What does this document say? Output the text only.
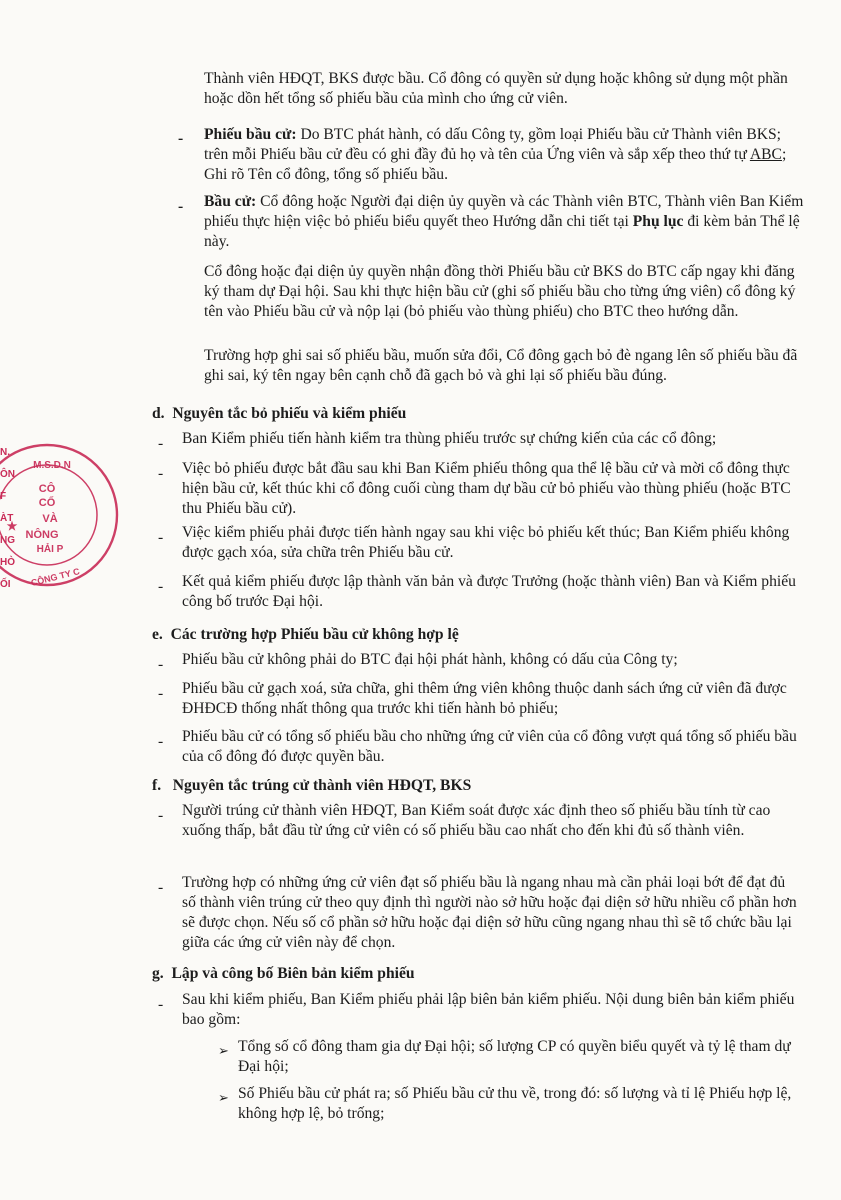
N.
ÔN
F
ÀT
NG
HÒ
ỐI
M.S.D.N
CÔ
CỔ
VÀ
NÔNG
HẢI P
CÔNG TY C
★

Thành viên HĐQT, BKS được bầu. Cổ đông có quyền sử dụng hoặc không sử dụng một phần hoặc dồn hết tổng số phiếu bầu của mình cho ứng cử viên.

- Phiếu bầu cử: Do BTC phát hành, có dấu Công ty, gồm loại Phiếu bầu cử Thành viên BKS; trên mỗi Phiếu bầu cử đều có ghi đầy đủ họ và tên của Ứng viên và sắp xếp theo thứ tự ABC; Ghi rõ Tên cổ đông, tổng số phiếu bầu.

- Bầu cử: Cổ đông hoặc Người đại diện ủy quyền và các Thành viên BTC, Thành viên Ban Kiểm phiếu thực hiện việc bỏ phiếu biểu quyết theo Hướng dẫn chi tiết tại Phụ lục đi kèm bản Thể lệ này.

Cổ đông hoặc đại diện ủy quyền nhận đồng thời Phiếu bầu cử BKS do BTC cấp ngay khi đăng ký tham dự Đại hội. Sau khi thực hiện bầu cử (ghi số phiếu bầu cho từng ứng viên) cổ đông ký tên vào Phiếu bầu cử và nộp lại (bỏ phiếu vào thùng phiếu) cho BTC theo hướng dẫn.

Trường hợp ghi sai số phiếu bầu, muốn sửa đổi, Cổ đông gạch bỏ đè ngang lên số phiếu bầu đã ghi sai, ký tên ngay bên cạnh chỗ đã gạch bỏ và ghi lại số phiếu bầu đúng.

d. Nguyên tắc bỏ phiếu và kiểm phiếu
- Ban Kiểm phiếu tiến hành kiểm tra thùng phiếu trước sự chứng kiến của các cổ đông;

- Việc bỏ phiếu được bắt đầu sau khi Ban Kiểm phiếu thông qua thể lệ bầu cử và mời cổ đông thực hiện bầu cử, kết thúc khi cổ đông cuối cùng tham dự bầu cử bỏ phiếu vào thùng phiếu (hoặc BTC thu Phiếu bầu cử).

- Việc kiểm phiếu phải được tiến hành ngay sau khi việc bỏ phiếu kết thúc; Ban Kiểm phiếu không được gạch xóa, sửa chữa trên Phiếu bầu cử.

- Kết quả kiểm phiếu được lập thành văn bản và được Trưởng (hoặc thành viên) Ban và Kiểm phiếu công bố trước Đại hội.

e. Các trường hợp Phiếu bầu cử không hợp lệ
- Phiếu bầu cử không phải do BTC đại hội phát hành, không có dấu của Công ty;

- Phiếu bầu cử gạch xoá, sửa chữa, ghi thêm ứng viên không thuộc danh sách ứng cử viên đã được ĐHĐCĐ thống nhất thông qua trước khi tiến hành bỏ phiếu;

- Phiếu bầu cử có tổng số phiếu bầu cho những ứng cử viên của cổ đông vượt quá tổng số phiếu bầu của cổ đông đó được quyền bầu.

f. Nguyên tắc trúng cử thành viên HĐQT, BKS
- Người trúng cử thành viên HĐQT, Ban Kiểm soát được xác định theo số phiếu bầu tính từ cao xuống thấp, bắt đầu từ ứng cử viên có số phiếu bầu cao nhất cho đến khi đủ số thành viên.

- Trường hợp có những ứng cử viên đạt số phiếu bầu là ngang nhau mà cần phải loại bớt để đạt đủ số thành viên trúng cử theo quy định thì người nào sở hữu hoặc đại diện sở hữu nhiều cổ phần hơn sẽ được chọn. Nếu số cổ phần sở hữu hoặc đại diện sở hữu cũng ngang nhau thì sẽ tổ chức bầu lại giữa các ứng cử viên này để chọn.

g. Lập và công bố Biên bản kiểm phiếu
- Sau khi kiểm phiếu, Ban Kiểm phiếu phải lập biên bản kiểm phiếu. Nội dung biên bản kiểm phiếu bao gồm:

➢ Tổng số cổ đông tham gia dự Đại hội; số lượng CP có quyền biểu quyết và tỷ lệ tham dự Đại hội;

➢ Số Phiếu bầu cử phát ra; số Phiếu bầu cử thu về, trong đó: số lượng và tỉ lệ Phiếu hợp lệ, không hợp lệ, bỏ trống;
